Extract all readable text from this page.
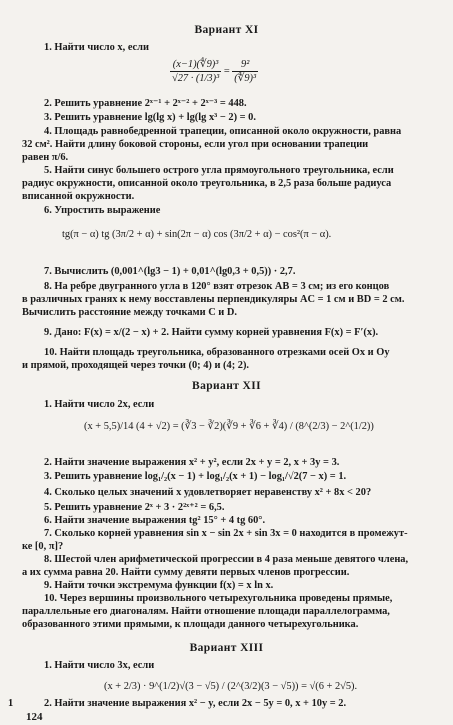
Вариант XI
1. Найти число x, если
$\frac{\text{(x−1)(∜9)³}}{\text{√27 · (1/3)³}} = \frac{\text{9²}}{\text{(∜9)³}}$
2. Решить уравнение 2ˣ⁻¹ + 2ˣ⁻² + 2ˣ⁻³ = 448.
3. Решить уравнение lg(lg x) + lg(lg x³ − 2) = 0.
4. Площадь равнобедренной трапеции, описанной около окружности, равна
32 см². Найти длину боковой стороны, если угол при основании трапеции
равен π/6.
5. Найти синус большего острого угла прямоугольного треугольника, если
радиус окружности, описанной около треугольника, в 2,5 раза больше радиуса
вписанной окружности.
6. Упростить выражение
tg(π − α) tg (3π/2 + α) + sin(2π − α) cos (3π/2 + α) − cos²(π − α).
7. Вычислить (0,001^(lg3 − 1) + 0,01^(lg0,3 + 0,5)) · 2,7.
8. На ребре двугранного угла в 120° взят отрезок AB = 3 см; из его концов
в различных гранях к нему восставлены перпендикуляры AC = 1 см и BD = 2 см.
Вычислить расстояние между точками C и D.
9. Дано: F(x) = x/(2 − x) + 2. Найти сумму корней уравнения F(x) = F′(x).
10. Найти площадь треугольника, образованного отрезками осей Ox и Oy
и прямой, проходящей через точки (0; 4) и (4; 2).
Вариант XII
1. Найти число 2x, если
(x + 5,5)/14 (4 + √2) = (∛3 − ∛2)(∛9 + ∛6 + ∛4) / (8^(2/3) − 2^(1/2))
2. Найти значение выражения x² + y², если 2x + y = 2, x + 3y = 3.
3. Решить уравнение log₁/₂(x − 1) + log₁/₂(x + 1) − log₁/√2(7 − x) = 1.
4. Сколько целых значений x удовлетворяет неравенству x² + 8x < 20?
5. Решить уравнение 2ˣ + 3 · 2²ˣ⁺² = 6,5.
6. Найти значение выражения tg² 15° + 4 tg 60°.
7. Сколько корней уравнения sin x − sin 2x + sin 3x = 0 находится в промежут-
ке [0, π]?
8. Шестой член арифметической прогрессии в 4 раза меньше девятого члена,
а их сумма равна 20. Найти сумму девяти первых членов прогрессии.
9. Найти точки экстремума функции f(x) = x ln x.
10. Через вершины произвольного четырехугольника проведены прямые,
параллельные его диагоналям. Найти отношение площади параллелограмма,
образованного этими прямыми, к площади данного четырехугольника.
Вариант XIII
1. Найти число 3x, если
(x + 2/3) · 9^(1/2)√(3 − √5) / (2^(3/2)(3 − √5)) = √(6 + 2√5).
1	2. Найти значение выражения x² − y, если 2x − 5y = 0, x + 10y = 2.
124
